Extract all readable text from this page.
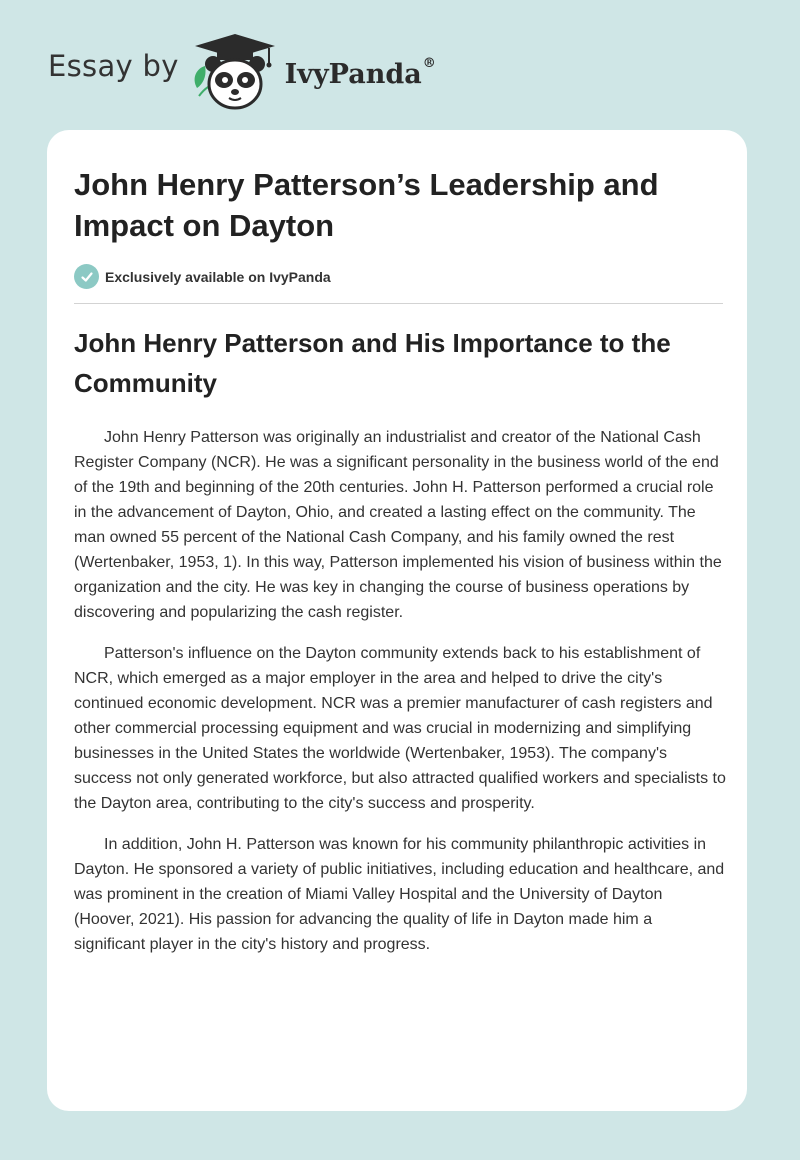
Essay by	IvyPanda®
John Henry Patterson’s Leadership and Impact on Dayton
Exclusively available on IvyPanda
John Henry Patterson and His Importance to the Community

John Henry Patterson was originally an industrialist and creator of the National Cash Register Company (NCR). He was a significant personality in the business world of the end of the 19th and beginning of the 20th centuries. John H. Patterson performed a crucial role in the advancement of Dayton, Ohio, and created a lasting effect on the community. The man owned 55 percent of the National Cash Company, and his family owned the rest (Wertenbaker, 1953, 1). In this way, Patterson implemented his vision of business within the organization and the city. He was key in changing the course of business operations by discovering and popularizing the cash register.

Patterson's influence on the Dayton community extends back to his establishment of NCR, which emerged as a major employer in the area and helped to drive the city's continued economic development. NCR was a premier manufacturer of cash registers and other commercial processing equipment and was crucial in modernizing and simplifying businesses in the United States the worldwide (Wertenbaker, 1953). The company's success not only generated workforce, but also attracted qualified workers and specialists to the Dayton area, contributing to the city's success and prosperity.

In addition, John H. Patterson was known for his community philanthropic activities in Dayton. He sponsored a variety of public initiatives, including education and healthcare, and was prominent in the creation of Miami Valley Hospital and the University of Dayton (Hoover, 2021). His passion for advancing the quality of life in Dayton made him a significant player in the city's history and progress.
